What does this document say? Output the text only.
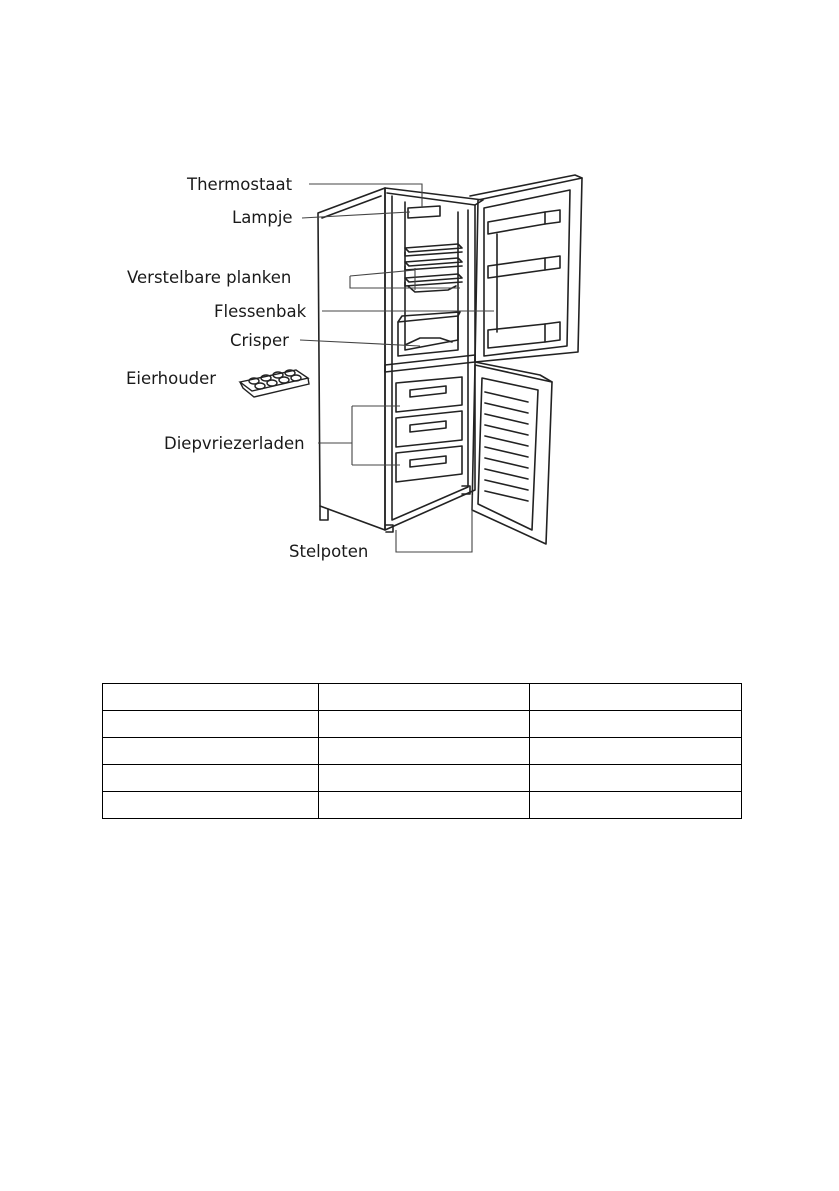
Thermostaat
Lampje
Verstelbare planken
Flessenbak
Crisper
Eierhouder
Diepvriezerladen
Stelpoten
